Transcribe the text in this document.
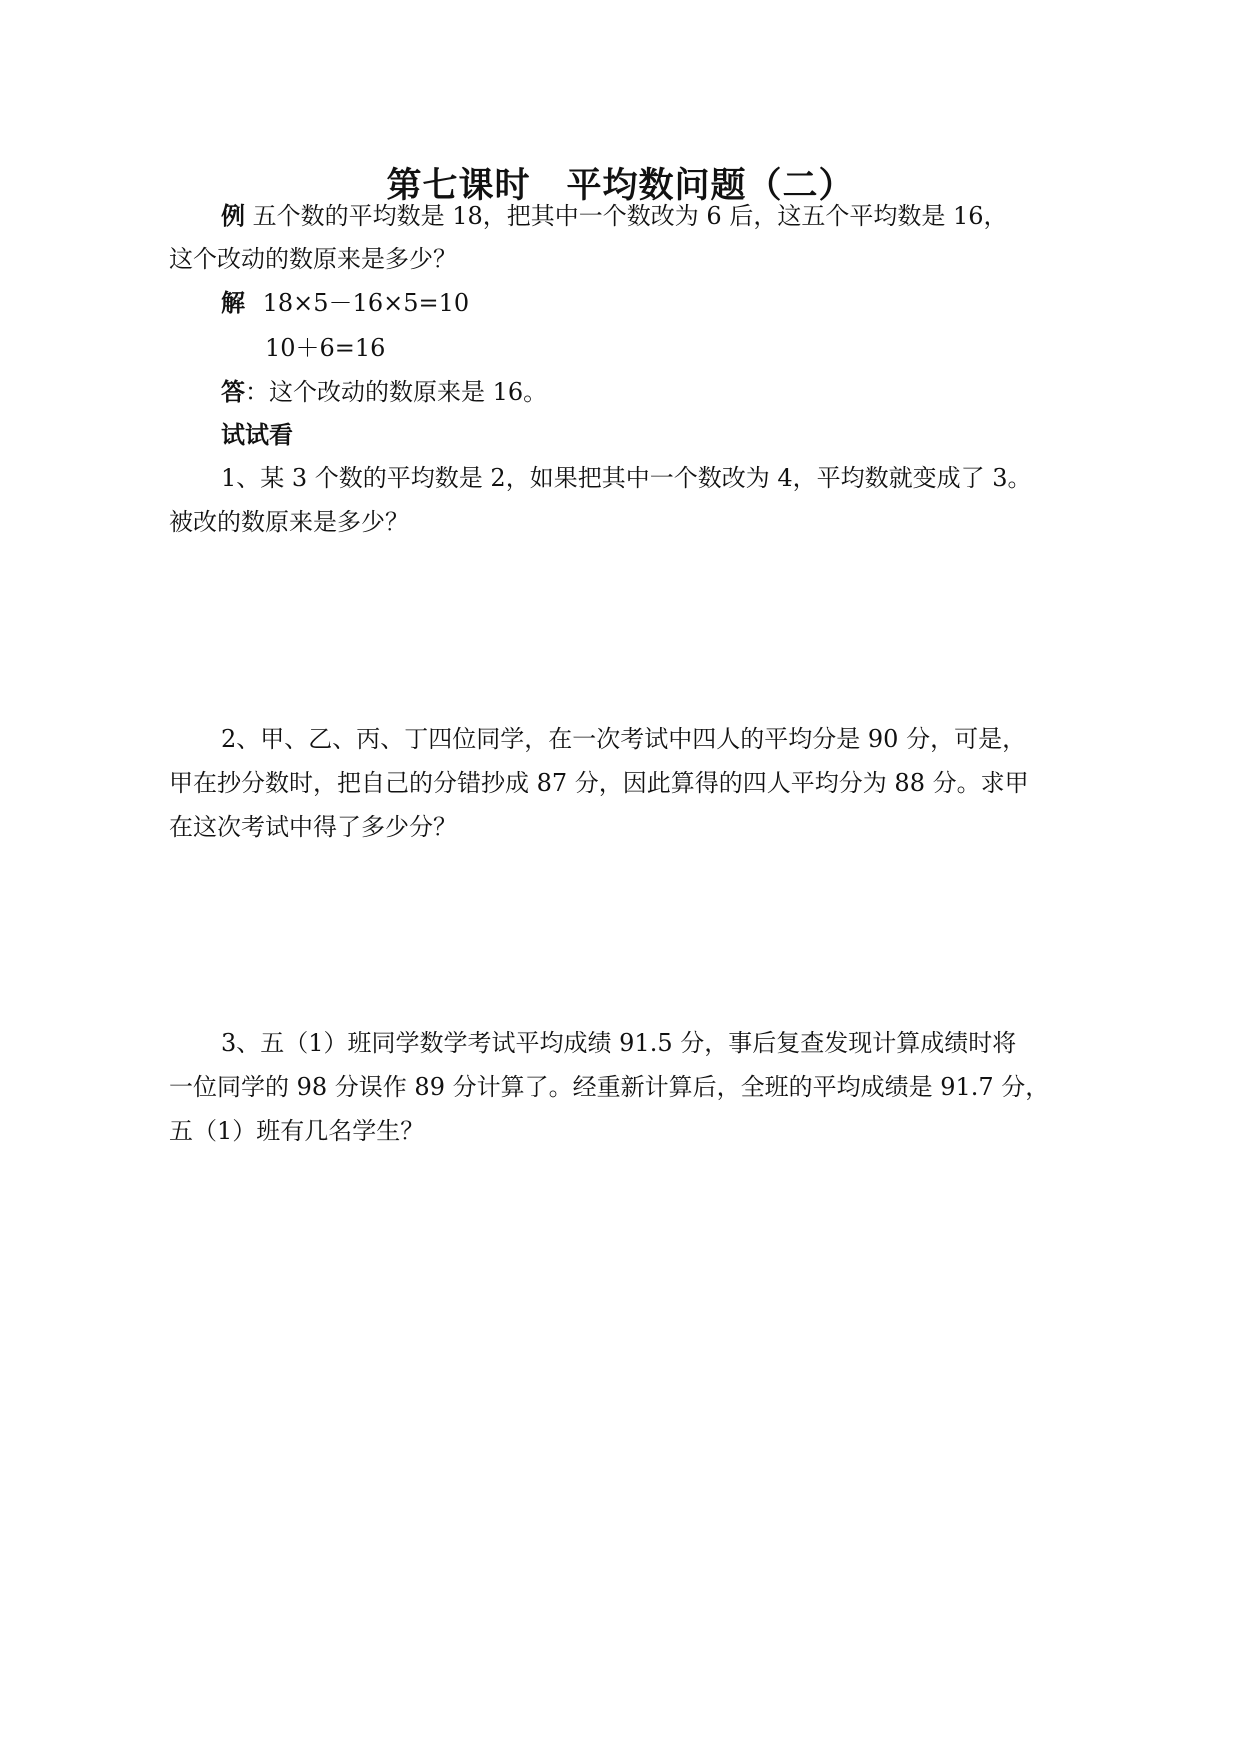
第七课时　平均数问题（二）
例 五个数的平均数是 18，把其中一个数改为 6 后，这五个平均数是 16，
这个改动的数原来是多少？
解 18×5－16×5=10
10＋6=16
答：这个改动的数原来是 16。
试试看
1、某 3 个数的平均数是 2，如果把其中一个数改为 4，平均数就变成了 3。
被改的数原来是多少？
2、甲、乙、丙、丁四位同学，在一次考试中四人的平均分是 90 分，可是，
甲在抄分数时，把自己的分错抄成 87 分，因此算得的四人平均分为 88 分。求甲
在这次考试中得了多少分？
3、五（1）班同学数学考试平均成绩 91.5 分，事后复查发现计算成绩时将
一位同学的 98 分误作 89 分计算了。经重新计算后，全班的平均成绩是 91.7 分，
五（1）班有几名学生？
